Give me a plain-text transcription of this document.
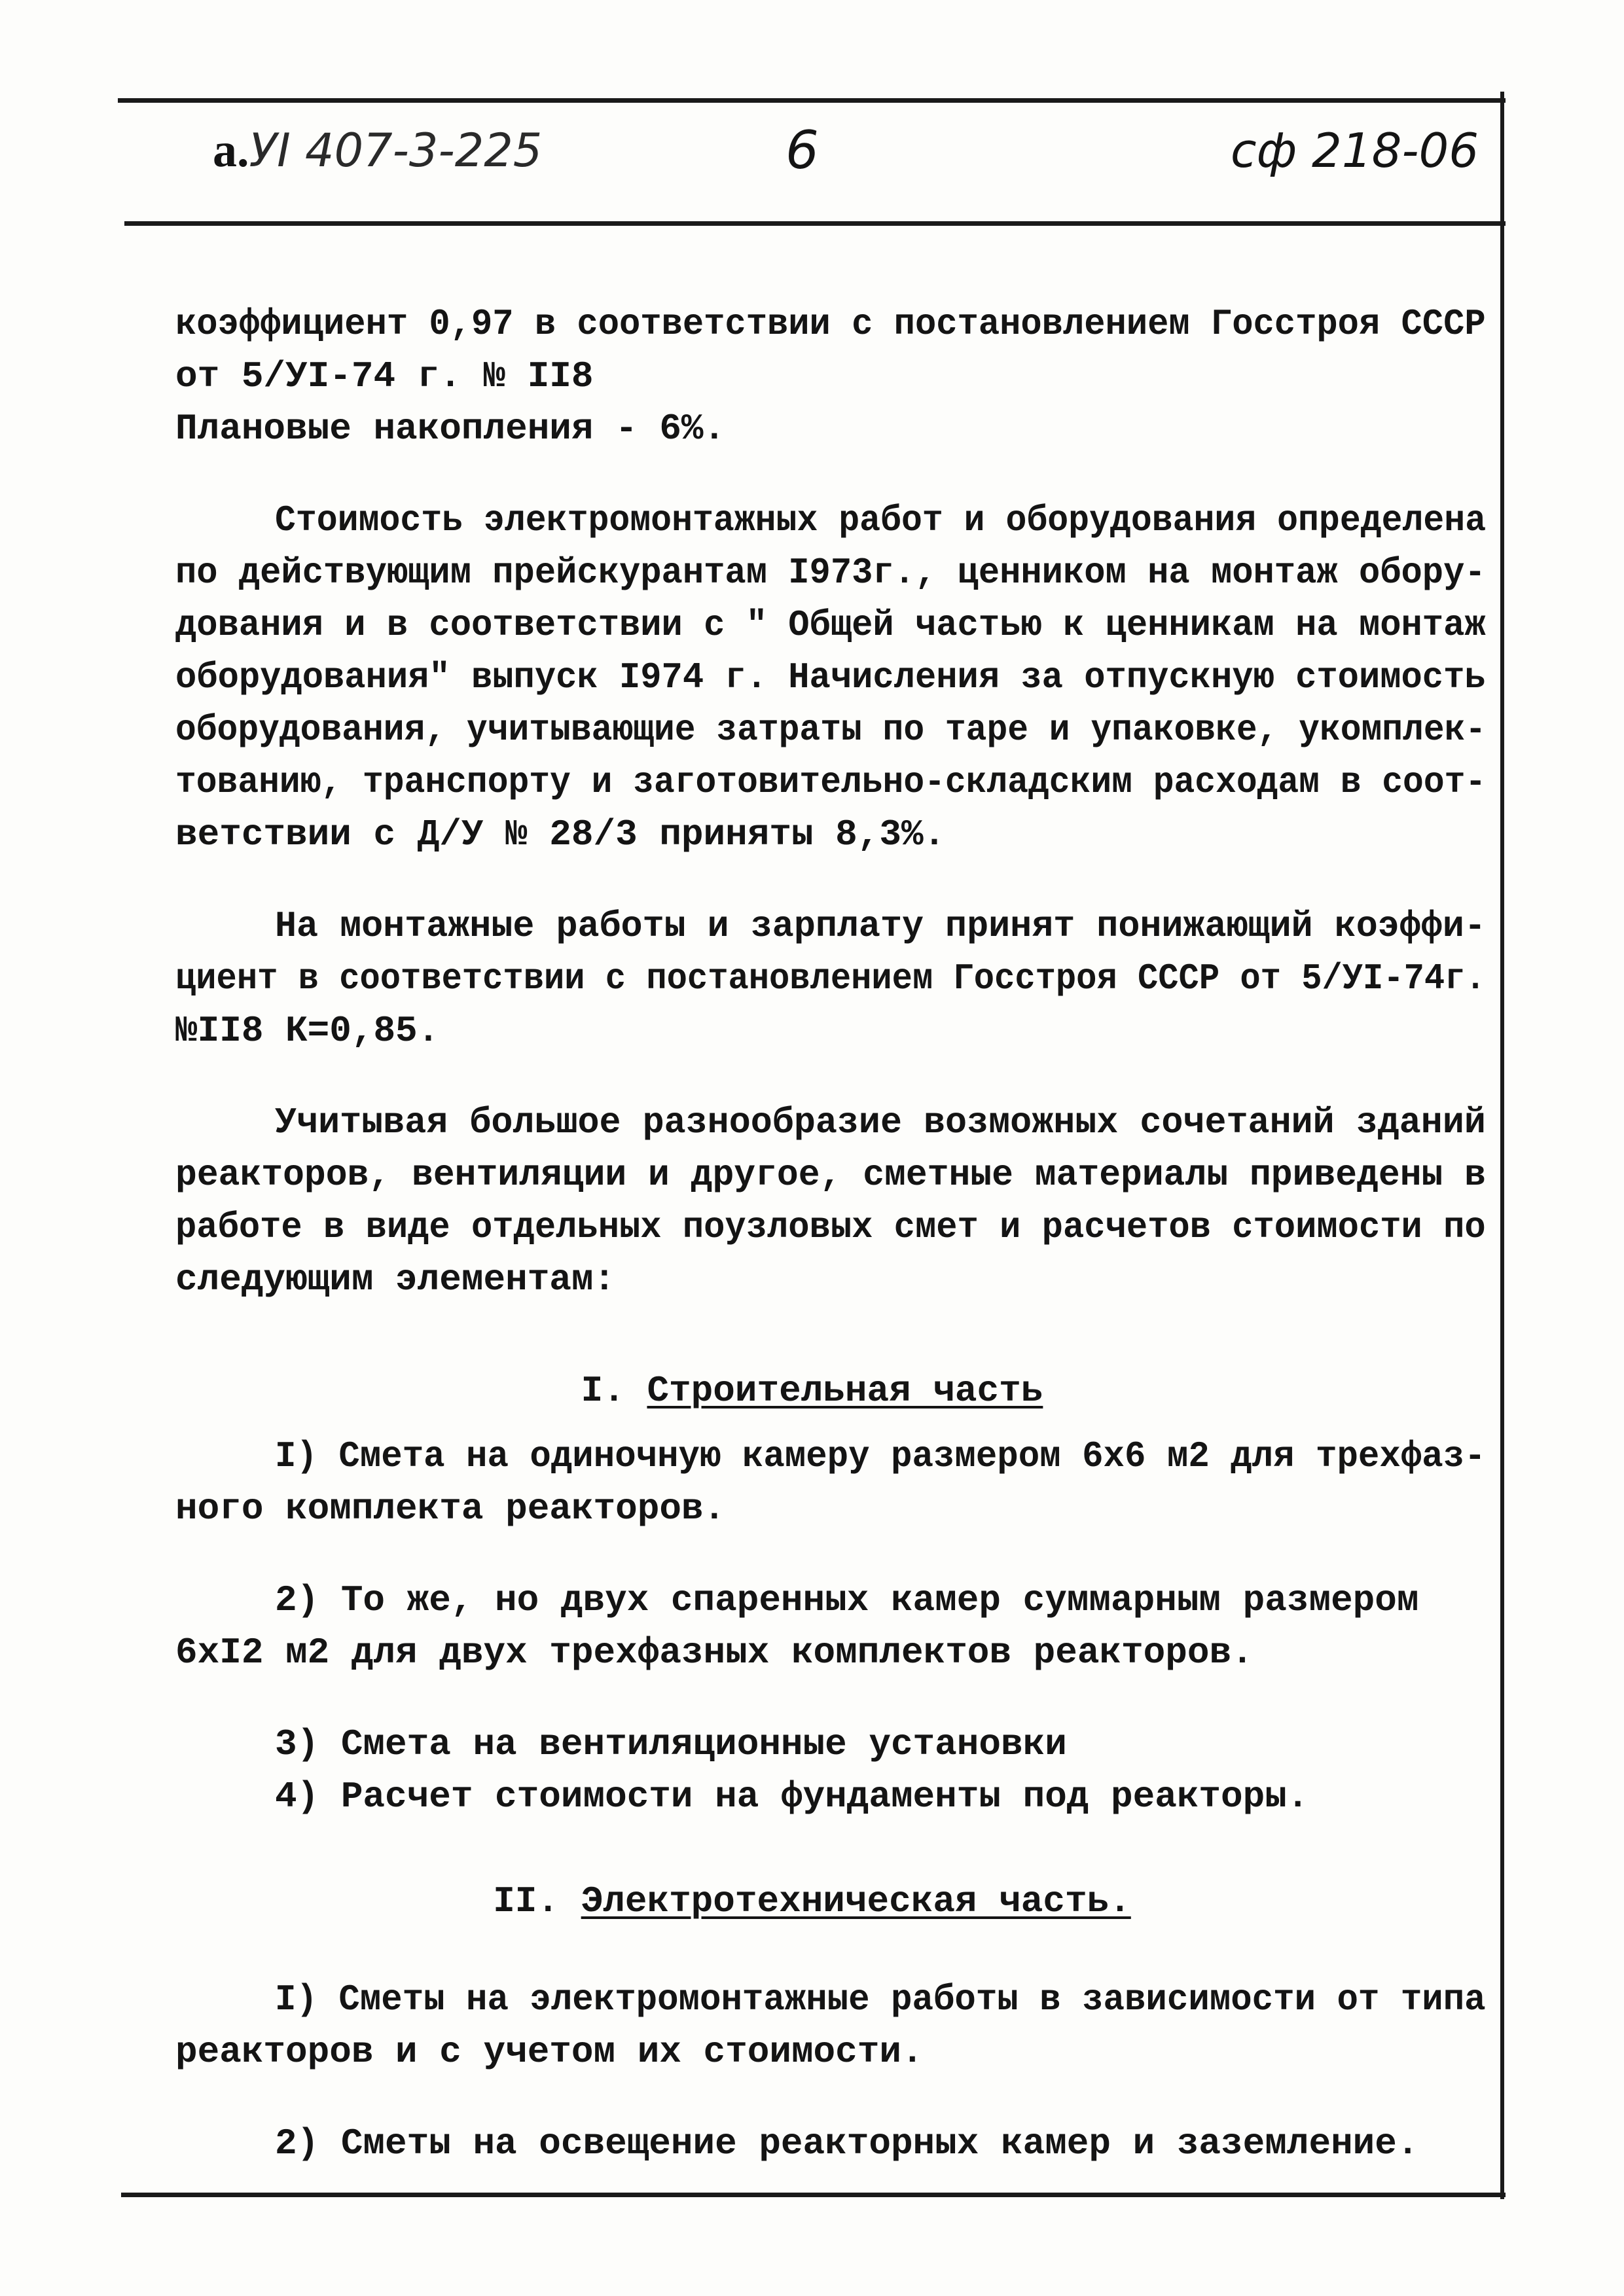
а.УI 407-3-225	6	сф 218-06
коэффициент 0,97 в соответствии с постановлением Госстроя СССР
от 5/УI-74 г. № II8
Плановые накопления - 6%.
Стоимость электромонтажных работ и оборудования определена
по действующим прейскурантам I973г., ценником на монтаж обору-
дования и в соответствии с " Общей частью к ценникам на монтаж
оборудования" выпуск I974 г. Начисления за отпускную стоимость
оборудования, учитывающие затраты по таре и упаковке, укомплек-
тованию, транспорту и заготовительно-складским расходам в соот-
ветствии с Д/У № 28/3 приняты 8,3%.
На монтажные работы и зарплату принят понижающий коэффи-
циент в соответствии с постановлением Госстроя СССР от 5/УI-74г.
№II8 К=0,85.
Учитывая большое разнообразие возможных сочетаний зданий
реакторов, вентиляции и другое, сметные материалы приведены в
работе в виде отдельных поузловых смет и расчетов стоимости по
следующим элементам:
I. Строительная часть
I) Смета на одиночную камеру размером 6х6 м2 для трехфаз-
ного комплекта реакторов.
2) То же, но двух спаренных камер суммарным размером
6хI2 м2 для двух трехфазных комплектов реакторов.
3) Смета на вентиляционные установки
4) Расчет стоимости на фундаменты под реакторы.
II. Электротехническая часть.
I) Сметы на электромонтажные работы в зависимости от типа
реакторов и с учетом их стоимости.
2) Сметы на освещение реакторных камер и заземление.
